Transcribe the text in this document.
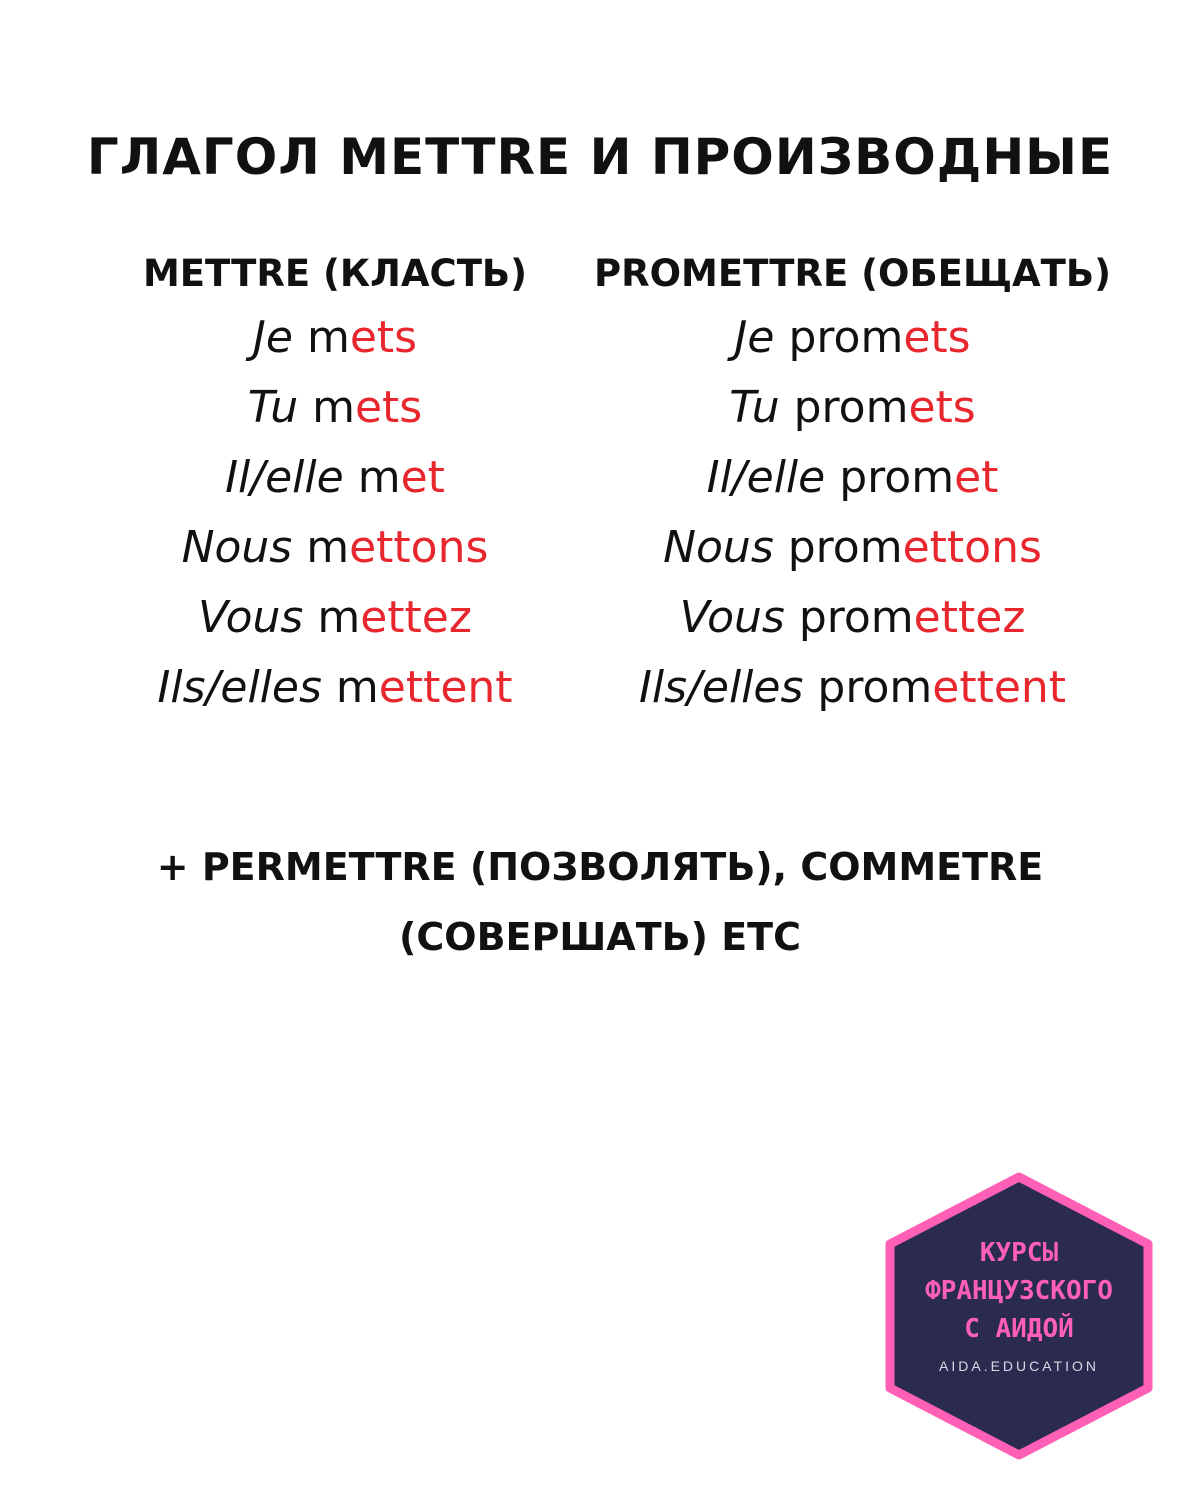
ГЛАГОЛ METTRE И ПРОИЗВОДНЫЕ
METTRE (КЛАСТЬ)
Je mets
Tu mets
Il/elle met
Nous mettons
Vous mettez
Ils/elles mettent
PROMETTRE (ОБЕЩАТЬ)
Je promets
Tu promets
Il/elle promet
Nous promettons
Vous promettez
Ils/elles promettent

+ PERMETTRE (ПОЗВОЛЯТЬ), COMMETRE
(СОВЕРШАТЬ) ETC

КУРСЫ
ФРАНЦУЗСКОГО
С АИДОЙ
AIDA.EDUCATION
